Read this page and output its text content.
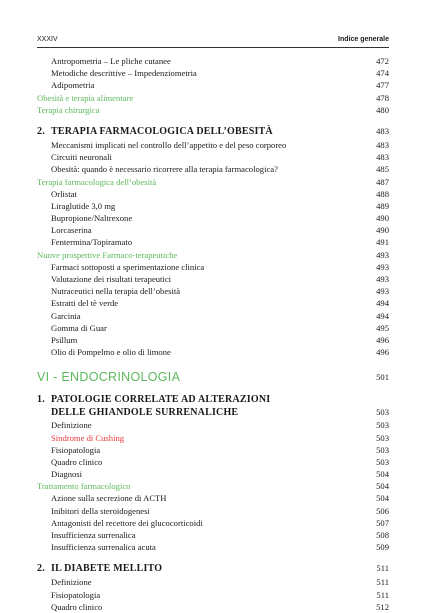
XXXIV	Indice generale
Antropometria – Le pliche cutanee	472
Metodiche descrittive – Impedenziometria	474
Adipometria	477
Obesità e terapia alimentare	478
Terapia chirurgica	480
2. TERAPIA FARMACOLOGICA DELL’OBESITÀ	483
Meccanismi implicati nel controllo dell’appetito e del peso corporeo	483
Circuiti neuronali	483
Obesità: quando è necessario ricorrere alla terapia farmacologica?	485
Terapia farmacologica dell’obesità	487
Orlistat	488
Liraglutide 3,0 mg	489
Bupropione/Naltrexone	490
Lorcaserina	490
Fentermina/Topiramato	491
Nuove prospettive Farmaco-terapeutiche	493
Farmaci sottoposti a sperimentazione clinica	493
Valutazione dei risultati terapeutici	493
Nutraceutici nella terapia dell’obesità	493
Estratti del tè verde	494
Garcinia	494
Gomma di Guar	495
Psillum	496
Olio di Pompelmo e olio di limone	496
VI - ENDOCRINOLOGIA	501
1. PATOLOGIE CORRELATE AD ALTERAZIONI
DELLE GHIANDOLE SURRENALICHE	503
Definizione	503
Sindrome di Cushing	503
Fisiopatologia	503
Quadro clinico	503
Diagnosi	504
Trattamento farmacologico	504
Azione sulla secrezione di ACTH	504
Inibitori della steroidogenesi	506
Antagonisti del recettore dei glucocorticoidi	507
Insufficienza surrenalica	508
Insufficienza surrenalica acuta	509
2. IL DIABETE MELLITO	511
Definizione	511
Fisiopatologia	511
Quadro clinico	512
